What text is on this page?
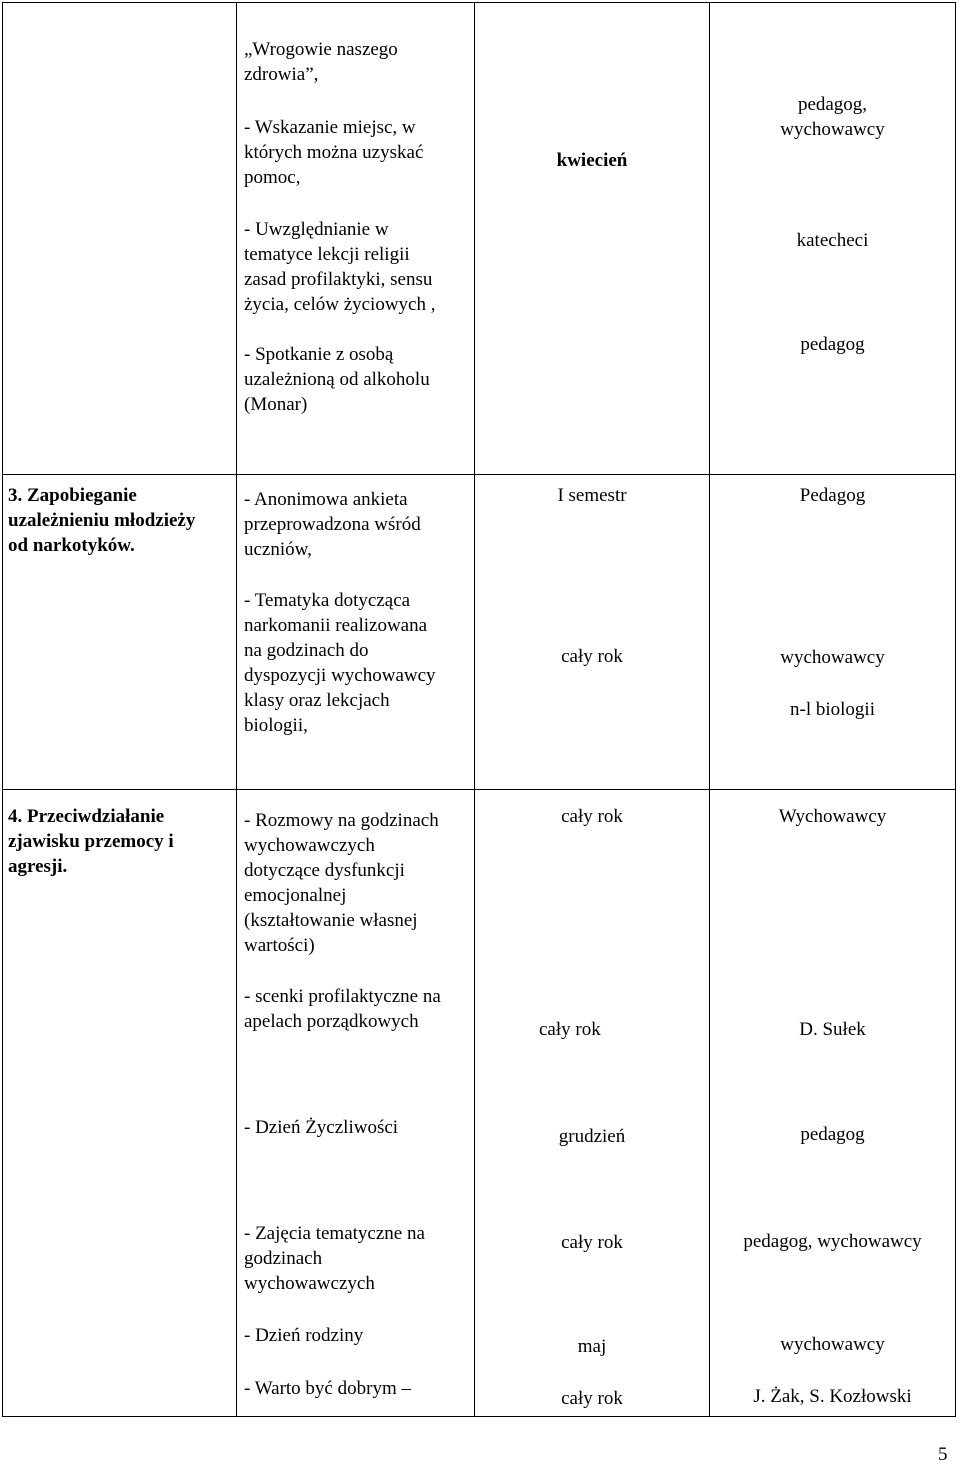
„Wrogowie naszego
zdrowia”,
- Wskazanie miejsc, w
których można uzyskać
pomoc,
- Uwzględnianie w
tematyce lekcji religii
zasad profilaktyki, sensu
życia, celów życiowych ,
- Spotkanie z osobą
uzależnioną od alkoholu
(Monar)
kwiecień
pedagog,
wychowawcy
katecheci
pedagog
3. Zapobieganie
uzależnieniu młodzieży
od narkotyków.
- Anonimowa ankieta
przeprowadzona wśród
uczniów,
- Tematyka dotycząca
narkomanii realizowana
na godzinach do
dyspozycji wychowawcy
klasy oraz lekcjach
biologii,
I semestr
cały rok
Pedagog
wychowawcy
n-l biologii
4. Przeciwdziałanie
zjawisku przemocy i
agresji.
- Rozmowy na godzinach
wychowawczych
dotyczące dysfunkcji
emocjonalnej
(kształtowanie własnej
wartości)
- scenki profilaktyczne na
apelach porządkowych
- Dzień Życzliwości
- Zajęcia tematyczne na
godzinach
wychowawczych
- Dzień rodziny
- Warto być dobrym –
cały rok
cały rok
grudzień
cały rok
maj
cały rok
Wychowawcy
D. Sułek
pedagog
pedagog, wychowawcy
wychowawcy
J. Żak, S. Kozłowski
5
